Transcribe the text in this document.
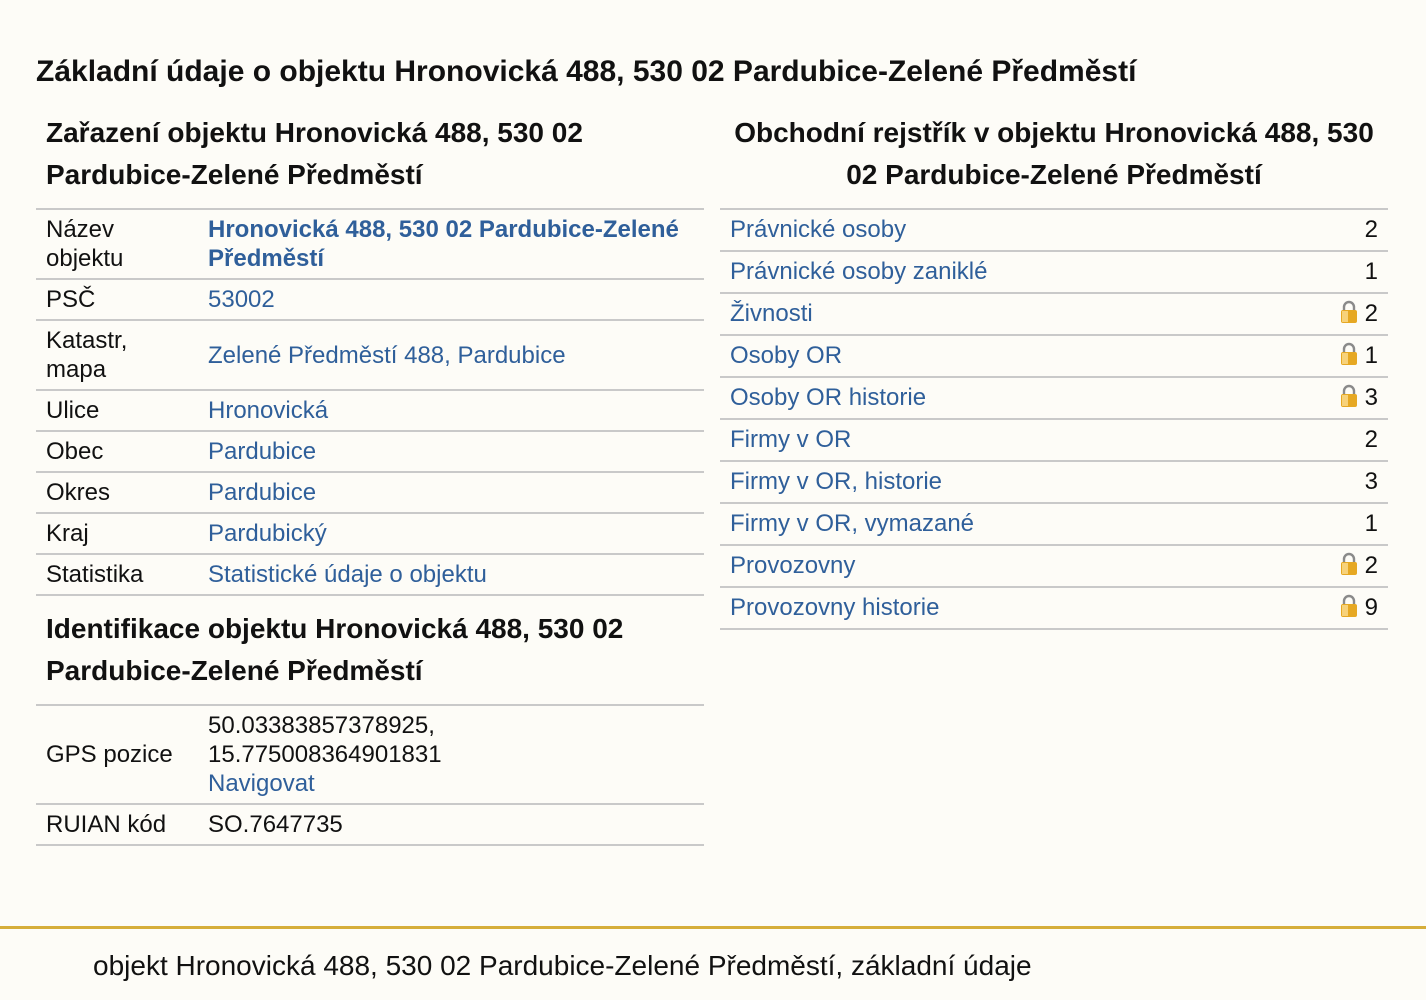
Základní údaje o objektu Hronovická 488, 530 02 Pardubice-Zelené Předměstí
Zařazení objektu Hronovická 488, 530 02 Pardubice-Zelené Předměstí
Název objektu	Hronovická 488, 530 02 Pardubice-Zelené Předměstí
PSČ	53002
Katastr, mapa	Zelené Předměstí 488, Pardubice
Ulice	Hronovická
Obec	Pardubice
Okres	Pardubice
Kraj	Pardubický
Statistika	Statistické údaje o objektu
Identifikace objektu Hronovická 488, 530 02 Pardubice-Zelené Předměstí
GPS pozice	50.03383857378925,
15.775008364901831
Navigovat
RUIAN kód	SO.7647735
Obchodní rejstřík v objektu Hronovická 488, 530 02 Pardubice-Zelené Předměstí
Právnické osoby	2
Právnické osoby zaniklé	1
Živnosti	2
Osoby OR	1
Osoby OR historie	3
Firmy v OR	2
Firmy v OR, historie	3
Firmy v OR, vymazané	1
Provozovny	2
Provozovny historie	9
objekt Hronovická 488, 530 02 Pardubice-Zelené Předměstí, základní údaje
